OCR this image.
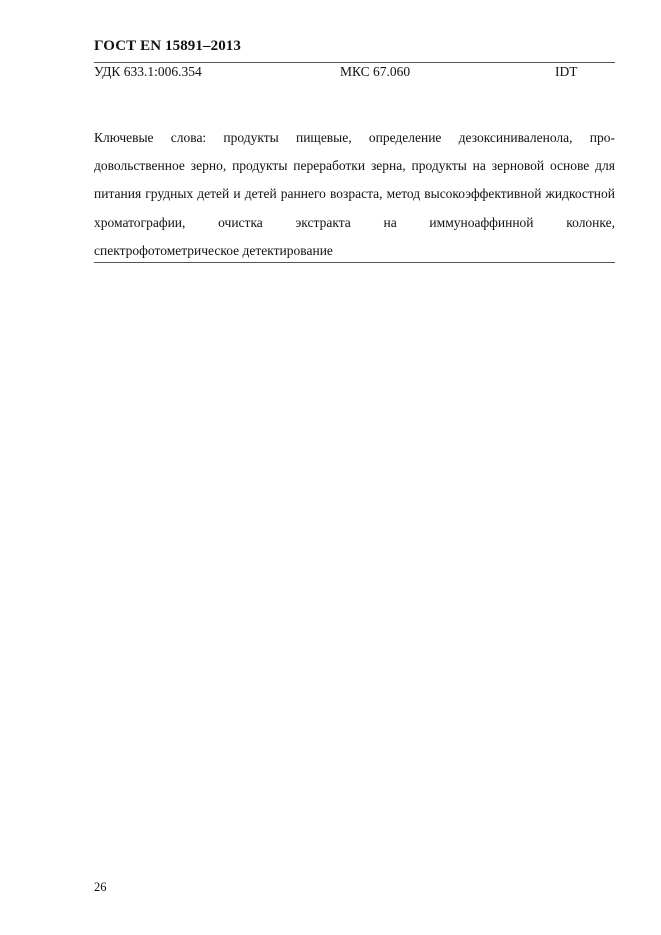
ГОСТ EN 15891–2013
УДК 633.1:006.354	МКС 67.060	IDT
Ключевые слова: продукты пищевые, определение дезоксиниваленола, продовольственное зерно, продукты переработки зерна, продукты на зерновой основе для питания грудных детей и детей раннего возраста, метод высокоэффективной жидкостной хроматографии, очистка экстракта на иммуноаффинной колонке, спектрофотометрическое детектирование
26
